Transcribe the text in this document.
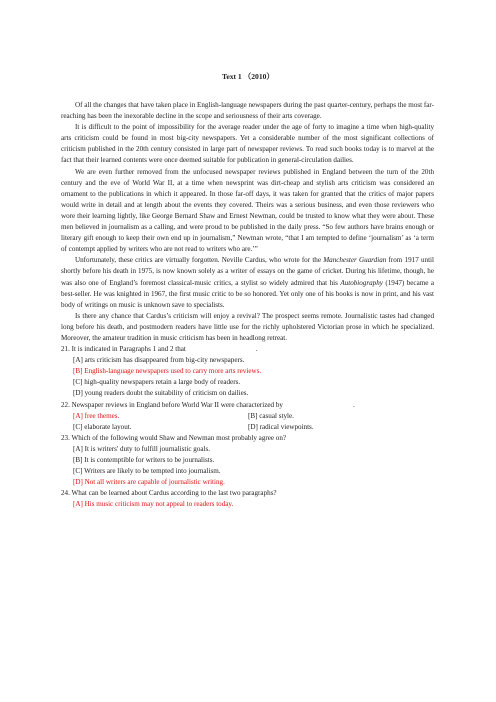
Text 1 （2010）

Of all the changes that have taken place in English-language newspapers during the past quarter-century, perhaps the most far-reaching has been the inexorable decline in the scope and seriousness of their arts coverage.

It is difficult to the point of impossibility for the average reader under the age of forty to imagine a time when high-quality arts criticism could be found in most big-city newspapers. Yet a considerable number of the most significant collections of criticism published in the 20th century consisted in large part of newspaper reviews. To read such books today is to marvel at the fact that their learned contents were once deemed suitable for publication in general-circulation dailies.

We are even further removed from the unfocused newspaper reviews published in England between the turn of the 20th century and the eve of World War II, at a time when newsprint was dirt-cheap and stylish arts criticism was considered an ornament to the publications in which it appeared. In those far-off days, it was taken for granted that the critics of major papers would write in detail and at length about the events they covered. Theirs was a serious business, and even those reviewers who wore their learning lightly, like George Bernard Shaw and Ernest Newman, could be trusted to know what they were about. These men believed in journalism as a calling, and were proud to be published in the daily press. “So few authors have brains enough or literary gift enough to keep their own end up in journalism,” Newman wrote, “that I am tempted to define ‘journalism’ as ‘a term of contempt applied by writers who are not read to writers who are.’”

Unfortunately, these critics are virtually forgotten. Neville Cardus, who wrote for the Manchester Guardian from 1917 until shortly before his death in 1975, is now known solely as a writer of essays on the game of cricket. During his lifetime, though, he was also one of England’s foremost classical-music critics, a stylist so widely admired that his Autobiography (1947) became a best-seller. He was knighted in 1967, the first music critic to be so honored. Yet only one of his books is now in print, and his vast body of writings on music is unknown save to specialists.

Is there any chance that Cardus’s criticism will enjoy a revival? The prospect seems remote. Journalistic tastes had changed long before his death, and postmodern readers have little use for the richly upholstered Victorian prose in which he specialized. Moreover, the amateur tradition in music criticism has been in headlong retreat.

21. It is indicated in Paragraphs 1 and 2 that	.

[A] arts criticism has disappeared from big-city newspapers.

[B] English-language newspapers used to carry more arts reviews.

[C] high-quality newspapers retain a large body of readers.

[D] young readers doubt the suitability of criticism on dailies.

22. Newspaper reviews in England before World War II were characterized by	.

[A] free themes.	[B] casual style.
[C] elaborate layout.	[D] radical viewpoints.

23. Which of the following would Shaw and Newman most probably agree on?

[A] It is writers' duty to fulfill journalistic goals.

[B] It is contemptible for writers to be journalists.

[C] Writers are likely to be tempted into journalism.

[D] Not all writers are capable of journalistic writing.

24. What can be learned about Cardus according to the last two paragraphs?

[A] His music criticism may not appeal to readers today.
